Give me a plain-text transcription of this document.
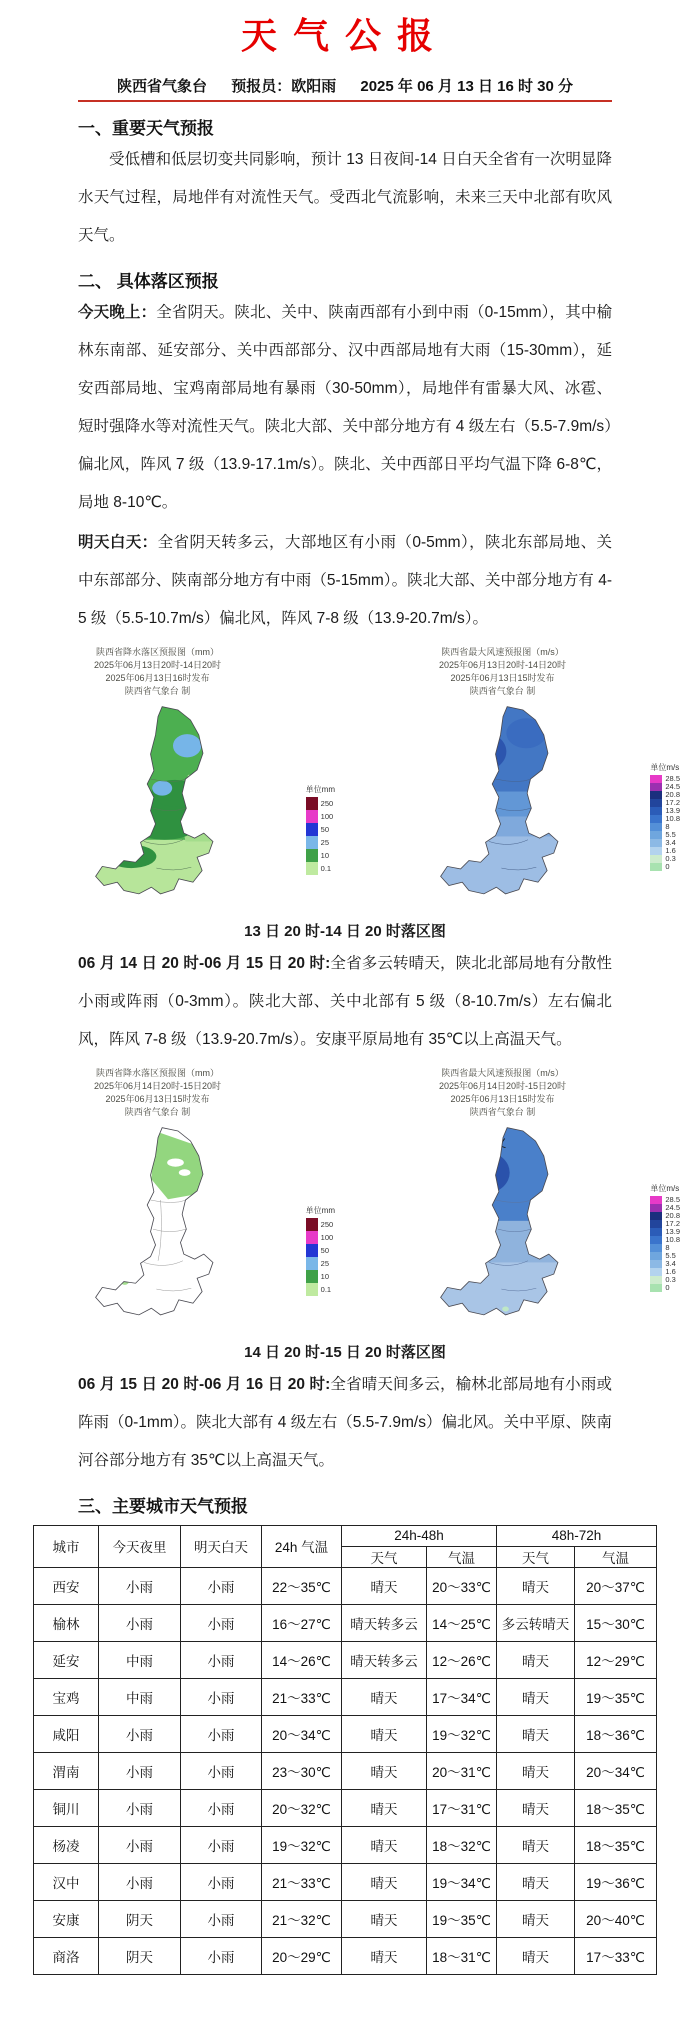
天气公报
陕西省气象台 预报员：欧阳雨 2025 年 06 月 13 日 16 时 30 分
一、重要天气预报

受低槽和低层切变共同影响，预计 13 日夜间-14 日白天全省有一次明显降水天气过程，局地伴有对流性天气。受西北气流影响，未来三天中北部有吹风天气。

二、 具体落区预报

今天晚上：全省阴天。陕北、关中、陕南西部有小到中雨（0-15mm），其中榆林东南部、延安部分、关中西部部分、汉中西部局地有大雨（15-30mm），延安西部局地、宝鸡南部局地有暴雨（30-50mm），局地伴有雷暴大风、冰雹、短时强降水等对流性天气。陕北大部、关中部分地方有 4 级左右（5.5-7.9m/s）偏北风，阵风 7 级（13.9-17.1m/s）。陕北、关中西部日平均气温下降 6-8℃，局地 8-10℃。

明天白天：全省阴天转多云，大部地区有小雨（0-5mm），陕北东部局地、关中东部部分、陕南部分地方有中雨（5-15mm）。陕北大部、关中部分地方有 4-5 级（5.5-10.7m/s）偏北风，阵风 7-8 级（13.9-20.7m/s）。

陕西省降水落区预报图（mm）
2025年06月13日20时-14日20时
2025年06月13日16时发布
陕西省气象台 制
单位mm
250
100
50
25
10
0.1
陕西省最大风速预报图（m/s）
2025年06月13日20时-14日20时
2025年06月13日15时发布
陕西省气象台 制
单位m/s
28.5
24.5
20.8
17.2
13.9
10.8
8
5.5
3.4
1.6
0.3
0
13 日 20 时-14 日 20 时落区图

06 月 14 日 20 时-06 月 15 日 20 时:全省多云转晴天，陕北北部局地有分散性小雨或阵雨（0-3mm）。陕北大部、关中北部有 5 级（8-10.7m/s）左右偏北风，阵风 7-8 级（13.9-20.7m/s）。安康平原局地有 35℃以上高温天气。

陕西省降水落区预报图（mm）
2025年06月14日20时-15日20时
2025年06月13日15时发布
陕西省气象台 制
单位mm
250
100
50
25
10
0.1
陕西省最大风速预报图（m/s）
2025年06月14日20时-15日20时
2025年06月13日15时发布
陕西省气象台 制
单位m/s
28.5
24.5
20.8
17.2
13.9
10.8
8
5.5
3.4
1.6
0.3
0
14 日 20 时-15 日 20 时落区图

06 月 15 日 20 时-06 月 16 日 20 时:全省晴天间多云，榆林北部局地有小雨或阵雨（0-1mm）。陕北大部有 4 级左右（5.5-7.9m/s）偏北风。关中平原、陕南河谷部分地方有 35℃以上高温天气。

三、主要城市天气预报
城市	今天夜里	明天白天	24h 气温	24h-48h		48h-72h	
				天气	气温	天气	气温
西安	小雨	小雨	22～35℃	晴天	20～33℃	晴天	20～37℃
榆林	小雨	小雨	16～27℃	晴天转多云	14～25℃	多云转晴天	15～30℃
延安	中雨	小雨	14～26℃	晴天转多云	12～26℃	晴天	12～29℃
宝鸡	中雨	小雨	21～33℃	晴天	17～34℃	晴天	19～35℃
咸阳	小雨	小雨	20～34℃	晴天	19～32℃	晴天	18～36℃
渭南	小雨	小雨	23～30℃	晴天	20～31℃	晴天	20～34℃
铜川	小雨	小雨	20～32℃	晴天	17～31℃	晴天	18～35℃
杨凌	小雨	小雨	19～32℃	晴天	18～32℃	晴天	18～35℃
汉中	小雨	小雨	21～33℃	晴天	19～34℃	晴天	19～36℃
安康	阴天	小雨	21～32℃	晴天	19～35℃	晴天	20～40℃
商洛	阴天	小雨	20～29℃	晴天	18～31℃	晴天	17～33℃
